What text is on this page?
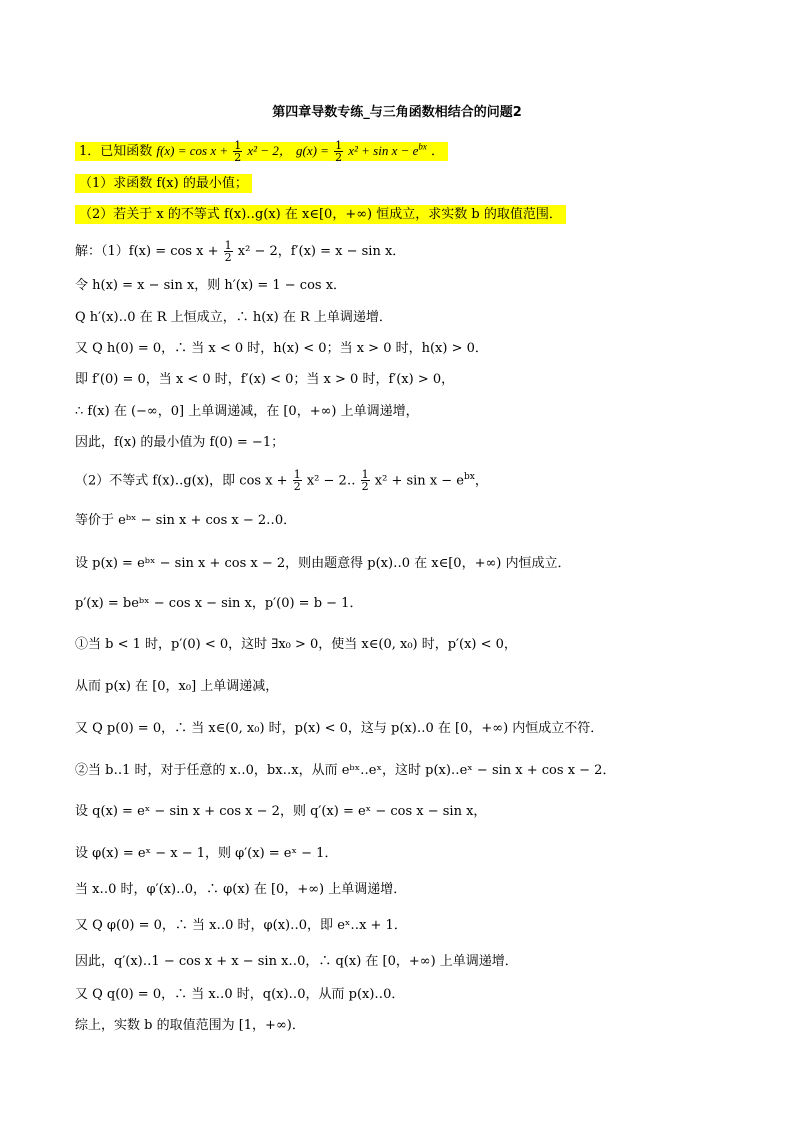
第四章导数专练_与三角函数相结合的问题2
1．已知函数 $f(x) = \cos x + \frac{1}{2} x^2 - 2$， $g(x) = \frac{1}{2} x^2 + \sin x - e^{bx}$ ．
（1）求函数 f(x) 的最小值；
（2）若关于 x 的不等式 f(x)‥g(x) 在 x∈[0，+∞) 恒成立，求实数 b 的取值范围．
解：$(1)f(x) = \cos x + \frac{1}{2} x^2 - 2$，f′(x) = x − sin x．
令 h(x) = x − sin x，则 h′(x) = 1 − cos x．
Q h′(x)‥0 在 R 上恒成立，∴ h(x) 在 R 上单调递增．
又 Q h(0) = 0，∴ 当 x < 0 时，h(x) < 0；当 x > 0 时，h(x) > 0．
即 f′(0) = 0，当 x < 0 时，f′(x) < 0；当 x > 0 时，f′(x) > 0，
∴ f(x) 在 (−∞，0] 上单调递减，在 [0，+∞) 上单调递增，
因此，f(x) 的最小值为 f(0) = −1；
（2）不等式 f(x)‥g(x)，即 $\cos x + \frac{1}{2} x^2$ − 2‥ $\frac{1}{2} x^2 + \sin x - e^{bx}$，
等价于 eᵇˣ − sin x + cos x − 2‥0．
设 p(x) = eᵇˣ − sin x + cos x − 2，则由题意得 p(x)‥0 在 x∈[0，+∞) 内恒成立．
p′(x) = beᵇˣ − cos x − sin x，p′(0) = b − 1．
①当 b < 1 时，p′(0) < 0，这时 ∃x₀ > 0，使当 x∈(0, x₀) 时，p′(x) < 0，
从而 p(x) 在 [0，x₀] 上单调递减，
又 Q p(0) = 0，∴ 当 x∈(0, x₀) 时，p(x) < 0，这与 p(x)‥0 在 [0，+∞) 内恒成立不符．
②当 b‥1 时，对于任意的 x‥0，bx‥x，从而 eᵇˣ‥eˣ，这时 p(x)‥eˣ − sin x + cos x − 2．
设 q(x) = eˣ − sin x + cos x − 2，则 q′(x) = eˣ − cos x − sin x，
设 φ(x) = eˣ − x − 1，则 φ′(x) = eˣ − 1．
当 x‥0 时，φ′(x)‥0，∴ φ(x) 在 [0，+∞) 上单调递增．
又 Q φ(0) = 0，∴ 当 x‥0 时，φ(x)‥0，即 eˣ‥x + 1．
因此，q′(x)‥1 − cos x + x − sin x‥0，∴ q(x) 在 [0，+∞) 上单调递增．
又 Q q(0) = 0，∴ 当 x‥0 时，q(x)‥0，从而 p(x)‥0．
综上，实数 b 的取值范围为 [1，+∞)．
